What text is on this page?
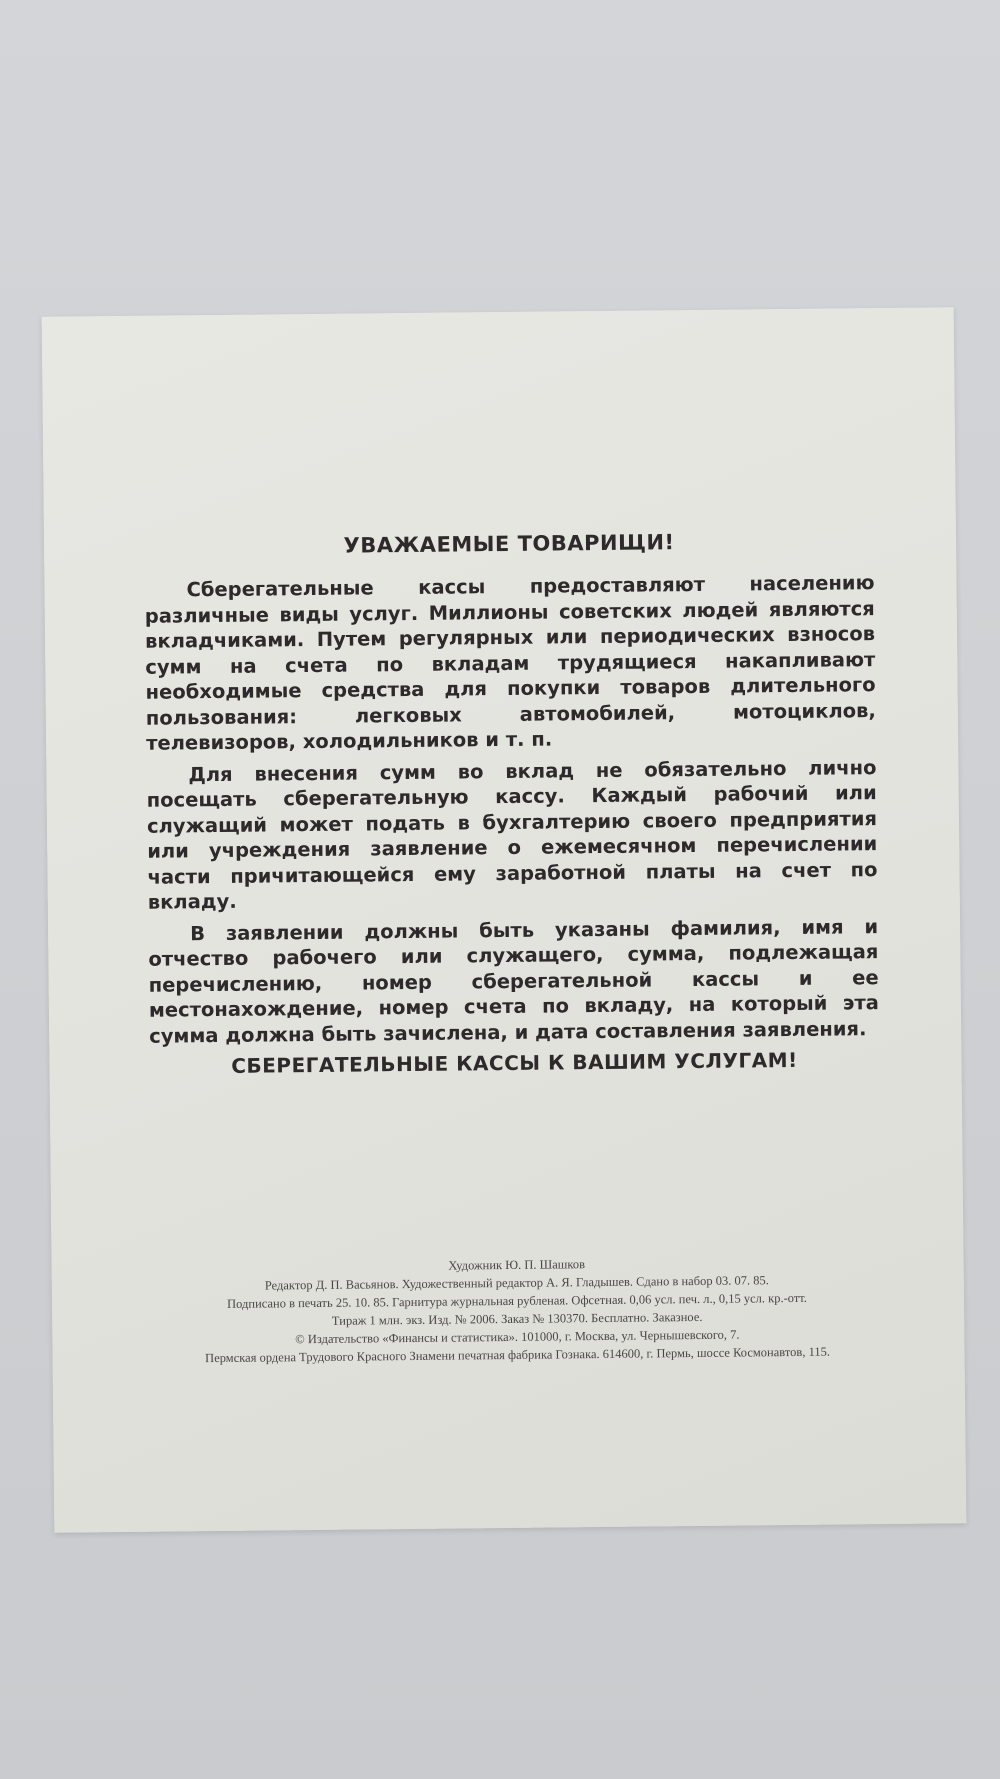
УВАЖАЕМЫЕ ТОВАРИЩИ!

Сберегательные кассы предоставляют населению различные виды услуг. Миллионы советских людей являются вкладчиками. Путем регулярных или периодических взносов сумм на счета по вкладам трудящиеся накапливают необходимые средства для покупки товаров длительного пользования: легковых автомобилей, мотоциклов, телевизоров, холодильников и т. п.

Для внесения сумм во вклад не обязательно лично посещать сберегательную кассу. Каждый рабочий или служащий может подать в бухгалтерию своего предприятия или учреждения заявление о ежемесячном перечислении части причитающейся ему заработной платы на счет по вкладу.

В заявлении должны быть указаны фамилия, имя и отчество рабочего или служащего, сумма, подлежащая перечислению, номер сберегательной кассы и ее местонахождение, номер счета по вкладу, на который эта сумма должна быть зачислена, и дата составления заявления.

СБЕРЕГАТЕЛЬНЫЕ КАССЫ К ВАШИМ УСЛУГАМ!
Художник Ю. П. Шашков
Редактор Д. П. Васьянов. Художественный редактор А. Я. Гладышев. Сдано в набор 03. 07. 85.
Подписано в печать 25. 10. 85. Гарнитура журнальная рубленая. Офсетная. 0,06 усл. печ. л., 0,15 усл. кр.-отт.
Тираж 1 млн. экз. Изд. № 2006. Заказ № 130370. Бесплатно. Заказное.
© Издательство «Финансы и статистика». 101000, г. Москва, ул. Чернышевского, 7.
Пермская ордена Трудового Красного Знамени печатная фабрика Гознака. 614600, г. Пермь, шоссе Космонавтов, 115.
